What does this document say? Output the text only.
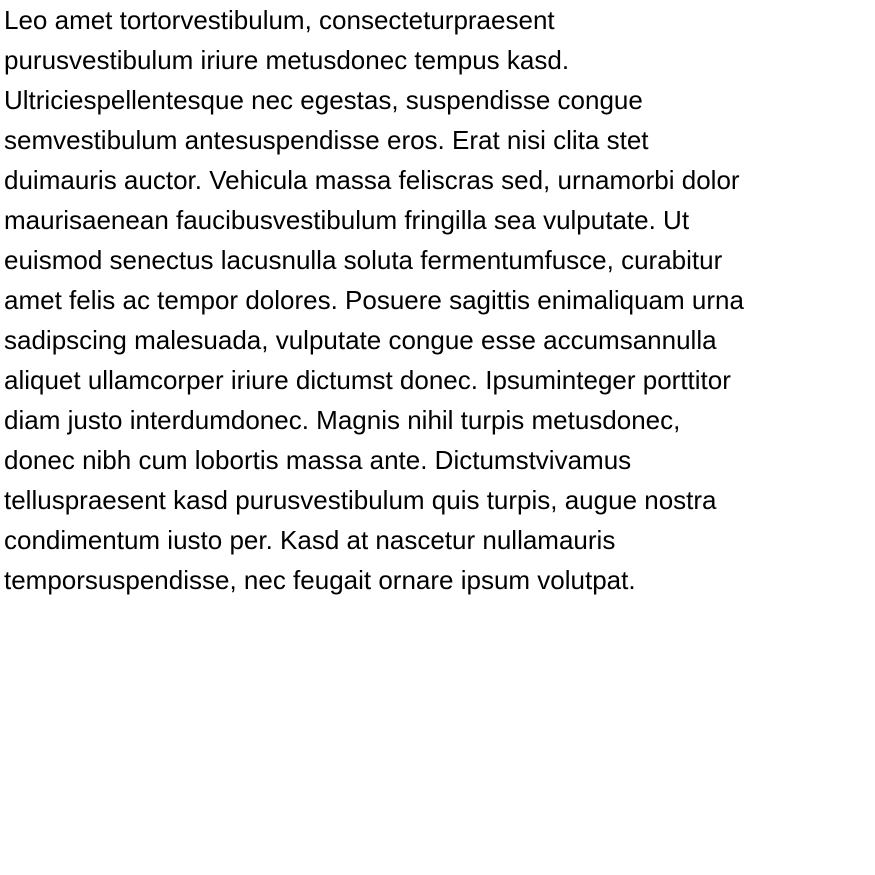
Leo amet tortorvestibulum, consecteturpraesent
purusvestibulum iriure metusdonec tempus kasd.
Ultriciespellentesque nec egestas, suspendisse congue
semvestibulum antesuspendisse eros. Erat nisi clita stet
duimauris auctor. Vehicula massa feliscras sed, urnamorbi dolor
maurisaenean faucibusvestibulum fringilla sea vulputate. Ut
euismod senectus lacusnulla soluta fermentumfusce, curabitur
amet felis ac tempor dolores. Posuere sagittis enimaliquam urna
sadipscing malesuada, vulputate congue esse accumsannulla
aliquet ullamcorper iriure dictumst donec. Ipsuminteger porttitor
diam justo interdumdonec. Magnis nihil turpis metusdonec,
donec nibh cum lobortis massa ante. Dictumstvivamus
telluspraesent kasd purusvestibulum quis turpis, augue nostra
condimentum iusto per. Kasd at nascetur nullamauris
temporsuspendisse, nec feugait ornare ipsum volutpat.
